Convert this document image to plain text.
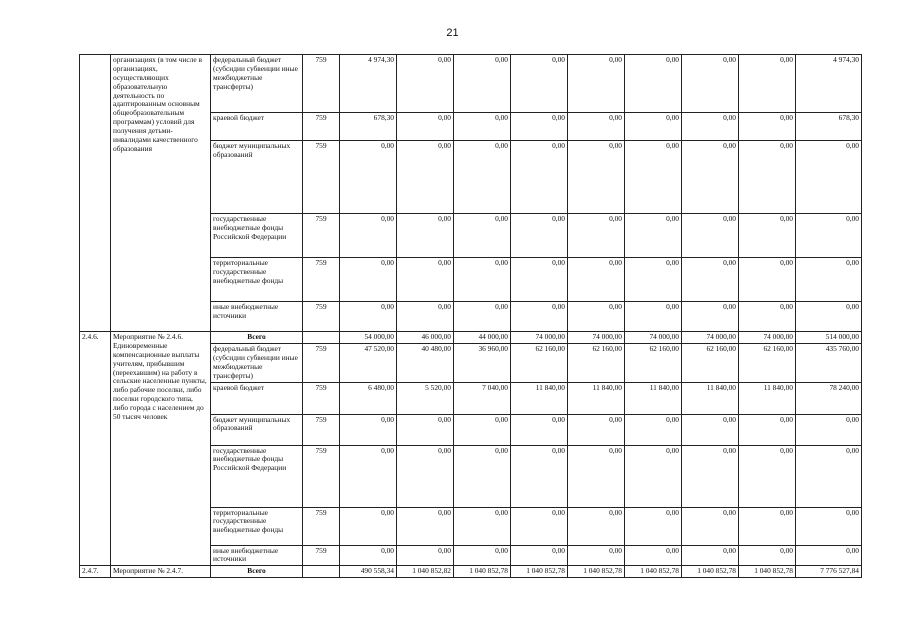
21
	организациях (в том числе в организациях, осуществляющих образовательную деятельность по адаптированным основным общеобразовательным программам) условий для получения детьми-инвалидами качественного образования	федеральный бюджет (субсидии субвенции иные межбюджетные трансферты)	759	4 974,30	0,00	0,00	0,00	0,00	0,00	0,00	0,00	4 974,30
		краевой бюджет	759	678,30	0,00	0,00	0,00	0,00	0,00	0,00	0,00	678,30
		бюджет муниципальных образований	759	0,00	0,00	0,00	0,00	0,00	0,00	0,00	0,00	0,00
		государственные внебюджетные фонды Российской Федерации	759	0,00	0,00	0,00	0,00	0,00	0,00	0,00	0,00	0,00
		территориальные государственные внебюджетные фонды	759	0,00	0,00	0,00	0,00	0,00	0,00	0,00	0,00	0,00
		иные внебюджетные источники	759	0,00	0,00	0,00	0,00	0,00	0,00	0,00	0,00	0,00
2.4.6.	Мероприятие № 2.4.6. Единовременные компенсационные выплаты учителям, прибывшим (переехавшим) на работу в сельские населенные пункты, либо рабочие поселки, либо поселки городского типа, либо города с населением до 50 тысяч человек	Всего		54 000,00	46 000,00	44 000,00	74 000,00	74 000,00	74 000,00	74 000,00	74 000,00	514 000,00
		федеральный бюджет (субсидии субвенции иные межбюджетные трансферты)	759	47 520,00	40 480,00	36 960,00	62 160,00	62 160,00	62 160,00	62 160,00	62 160,00	435 760,00
		краевой бюджет	759	6 480,00	5 520,00	7 040,00	11 840,00	11 840,00	11 840,00	11 840,00	11 840,00	78 240,00
		бюджет муниципальных образований	759	0,00	0,00	0,00	0,00	0,00	0,00	0,00	0,00	0,00
		государственные внебюджетные фонды Российской Федерации	759	0,00	0,00	0,00	0,00	0,00	0,00	0,00	0,00	0,00
		территориальные государственные внебюджетные фонды	759	0,00	0,00	0,00	0,00	0,00	0,00	0,00	0,00	0,00
		иные внебюджетные источники	759	0,00	0,00	0,00	0,00	0,00	0,00	0,00	0,00	0,00
2.4.7.	Мероприятие № 2.4.7.	Всего		490 558,34	1 040 852,82	1 040 852,78	1 040 852,78	1 040 852,78	1 040 852,78	1 040 852,78	1 040 852,78	7 776 527,84
